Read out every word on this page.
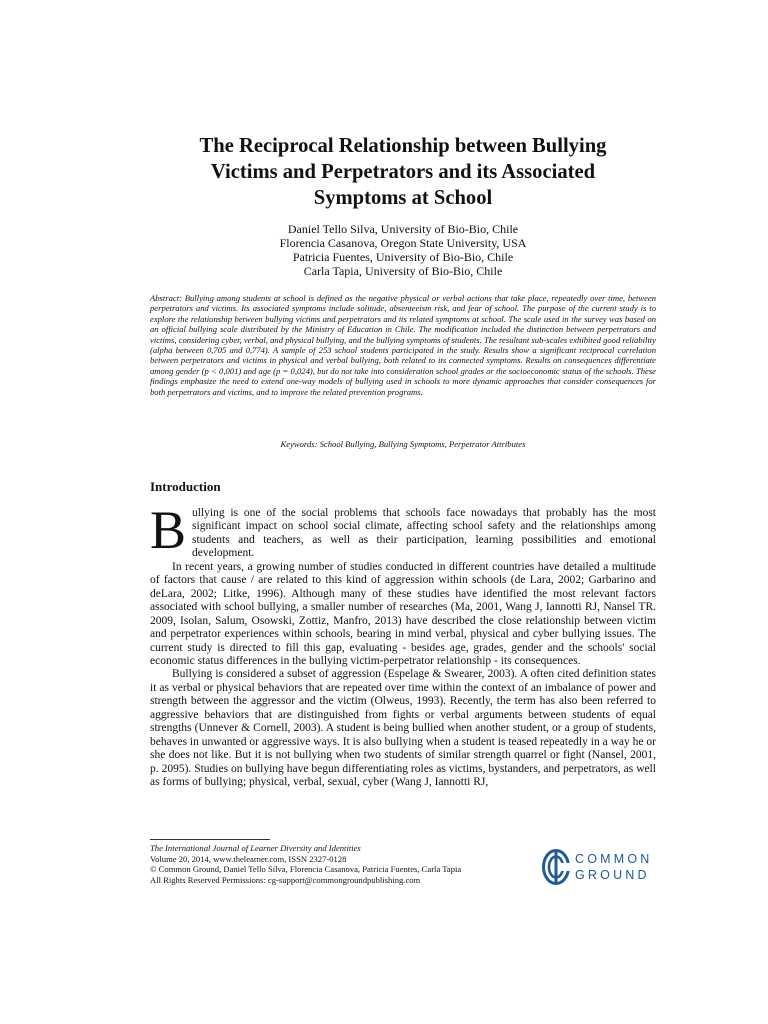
The Reciprocal Relationship between Bullying
Victims and Perpetrators and its Associated
Symptoms at School
Daniel Tello Silva, University of Bio-Bio, Chile
Florencia Casanova, Oregon State University, USA
Patricia Fuentes, University of Bio-Bio, Chile
Carla Tapia, University of Bio-Bio, Chile
Abstract: Bullying among students at school is defined as the negative physical or verbal actions that take place, repeatedly over time, between perpetrators and victims. Its associated symptoms include solitude, absenteeism risk, and fear of school. The purpose of the current study is to explore the relationship between bullying victims and perpetrators and its related symptoms at school. The scale used in the survey was based on an official bullying scale distributed by the Ministry of Education in Chile. The modification included the distinction between perpetrators and victims, considering cyber, verbal, and physical bullying, and the bullying symptoms of students. The resultant sub-scales exhibited good reliability (alpha between 0,705 and 0,774). A sample of 253 school students participated in the study. Results show a significant reciprocal correlation between perpetrators and victims in physical and verbal bullying, both related to its connected symptoms. Results on consequences differentiate among gender (p < 0,001) and age (p = 0,024), but do not take into consideration school grades or the socioeconomic status of the schools. These findings emphasize the need to extend one-way models of bullying used in schools to more dynamic approaches that consider consequences for both perpetrators and victims, and to improve the related prevention programs.
Keywords: School Bullying, Bullying Symptoms, Perpetrator Attributes
Introduction

Bullying is one of the social problems that schools face nowadays that probably has the most significant impact on school social climate, affecting school safety and the relationships among students and teachers, as well as their participation, learning possibilities and emotional development.

In recent years, a growing number of studies conducted in different countries have detailed a multitude of factors that cause / are related to this kind of aggression within schools (de Lara, 2002; Garbarino and deLara, 2002; Litke, 1996). Although many of these studies have identified the most relevant factors associated with school bullying, a smaller number of researches (Ma, 2001, Wang J, Iannotti RJ, Nansel TR. 2009, Isolan, Salum, Osowski, Zottiz, Manfro, 2013) have described the close relationship between victim and perpetrator experiences within schools, bearing in mind verbal, physical and cyber bullying issues. The current study is directed to fill this gap, evaluating - besides age, grades, gender and the schools' social economic status differences in the bullying victim-perpetrator relationship - its consequences.

Bullying is considered a subset of aggression (Espelage & Swearer, 2003). A often cited definition states it as verbal or physical behaviors that are repeated over time within the context of an imbalance of power and strength between the aggressor and the victim (Olweus, 1993). Recently, the term has also been referred to aggressive behaviors that are distinguished from fights or verbal arguments between students of equal strengths (Unnever & Cornell, 2003). A student is being bullied when another student, or a group of students, behaves in unwanted or aggressive ways. It is also bullying when a student is teased repeatedly in a way he or she does not like. But it is not bullying when two students of similar strength quarrel or fight (Nansel, 2001, p. 2095). Studies on bullying have begun differentiating roles as victims, bystanders, and perpetrators, as well as forms of bullying; physical, verbal, sexual, cyber (Wang J, Iannotti RJ,

The International Journal of Learner Diversity and Identities
Volume 20, 2014, www.thelearner.com, ISSN 2327-0128
© Common Ground, Daniel Tello Silva, Florencia Casanova, Patricia Fuentes, Carla Tapia
All Rights Reserved Permissions: cg-support@commongroundpublishing.com
COMMON
GROUND
